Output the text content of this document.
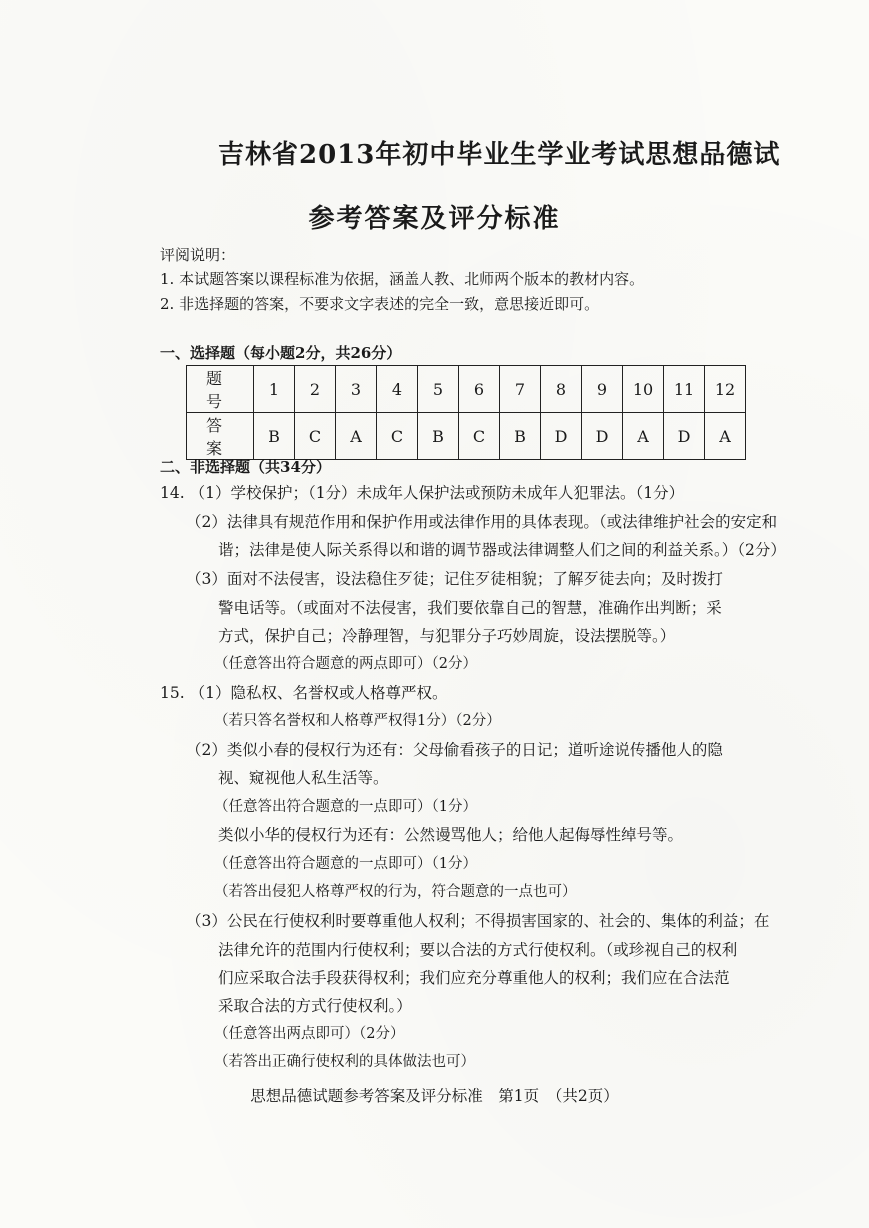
吉林省2013年初中毕业生学业考试思想品德试
参考答案及评分标准
评阅说明：
1. 本试题答案以课程标准为依据，涵盖人教、北师两个版本的教材内容。
2. 非选择题的答案，不要求文字表述的完全一致，意思接近即可。
一、选择题（每小题2分，共26分）
题 号	1	2	3	4	5	6	7	8	9	10	11	12
答 案	B	C	A	C	B	C	B	D	D	A	D	A
二、非选择题（共34分）
14. （1）学校保护；（1分）未成年人保护法或预防未成年人犯罪法。（1分）
（2）法律具有规范作用和保护作用或法律作用的具体表现。（或法律维护社会的安定和
谐；法律是使人际关系得以和谐的调节器或法律调整人们之间的利益关系。）（2分）
（3）面对不法侵害，设法稳住歹徒；记住歹徒相貌；了解歹徒去向；及时拨打
警电话等。（或面对不法侵害，我们要依靠自己的智慧，准确作出判断；采
方式，保护自己；冷静理智，与犯罪分子巧妙周旋，设法摆脱等。）
（任意答出符合题意的两点即可）（2分）
15. （1）隐私权、名誉权或人格尊严权。
（若只答名誉权和人格尊严权得1分）（2分）
（2）类似小春的侵权行为还有：父母偷看孩子的日记；道听途说传播他人的隐
视、窥视他人私生活等。
（任意答出符合题意的一点即可）（1分）
类似小华的侵权行为还有：公然谩骂他人；给他人起侮辱性绰号等。
（任意答出符合题意的一点即可）（1分）
（若答出侵犯人格尊严权的行为，符合题意的一点也可）
（3）公民在行使权利时要尊重他人权利；不得损害国家的、社会的、集体的利益；在
法律允许的范围内行使权利；要以合法的方式行使权利。（或珍视自己的权利
们应采取合法手段获得权利；我们应充分尊重他人的权利；我们应在合法范
采取合法的方式行使权利。）
（任意答出两点即可）（2分）
（若答出正确行使权利的具体做法也可）
思想品德试题参考答案及评分标准　第1页　（共2页）
